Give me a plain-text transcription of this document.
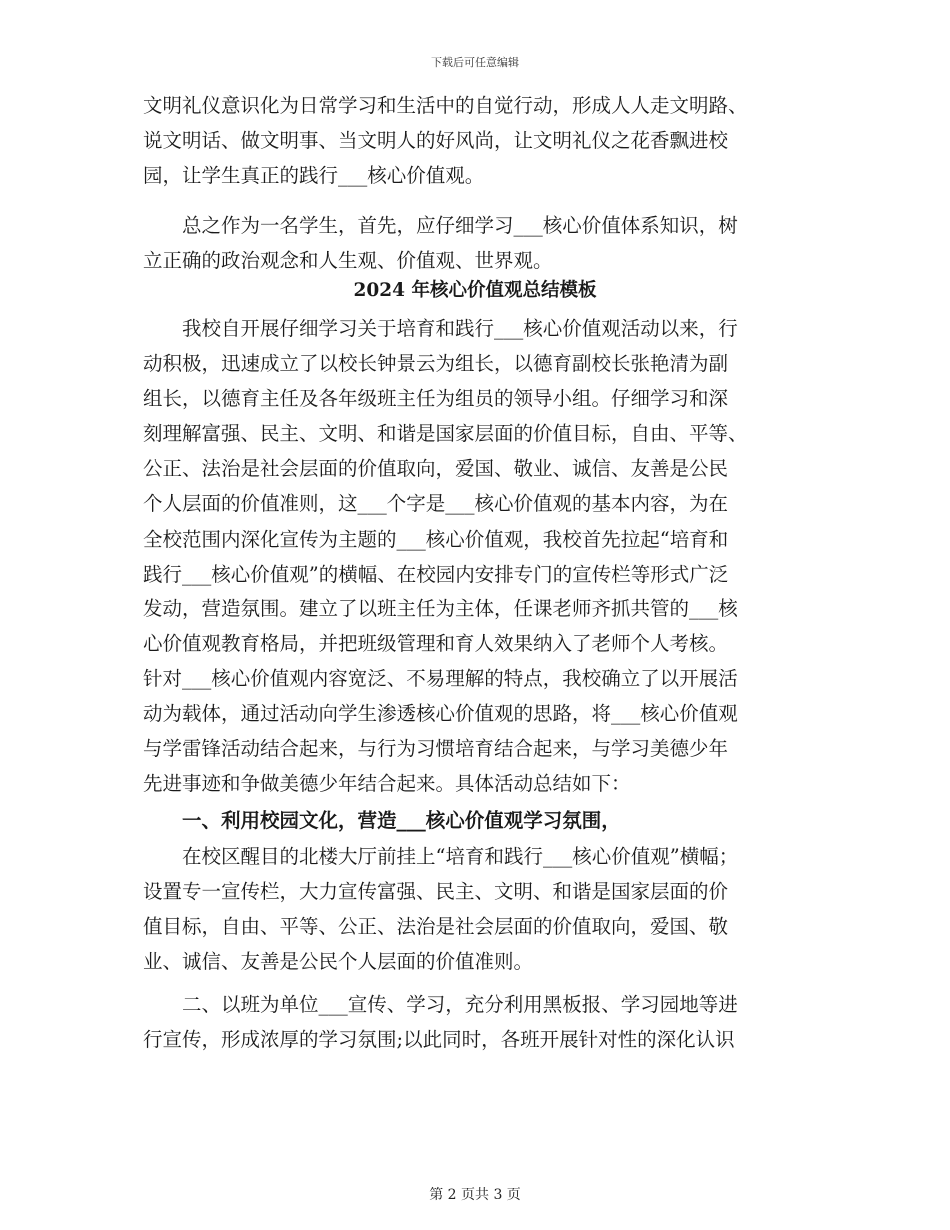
下载后可任意编辑
文明礼仪意识化为日常学习和生活中的自觉行动，形成人人走文明路、
说文明话、做文明事、当文明人的好风尚，让文明礼仪之花香飘进校
园，让学生真正的践行___核心价值观。
　　总之作为一名学生，首先，应仔细学习___核心价值体系知识，树
立正确的政治观念和人生观、价值观、世界观。
2024 年核心价值观总结模板
　　我校自开展仔细学习关于培育和践行___核心价值观活动以来，行
动积极，迅速成立了以校长钟景云为组长，以德育副校长张艳清为副
组长，以德育主任及各年级班主任为组员的领导小组。仔细学习和深
刻理解富强、民主、文明、和谐是国家层面的价值目标，自由、平等、
公正、法治是社会层面的价值取向，爱国、敬业、诚信、友善是公民
个人层面的价值准则，这___个字是___核心价值观的基本内容，为在
全校范围内深化宣传为主题的___核心价值观，我校首先拉起“培育和
践行___核心价值观”的横幅、在校园内安排专门的宣传栏等形式广泛
发动，营造氛围。建立了以班主任为主体，任课老师齐抓共管的___核
心价值观教育格局，并把班级管理和育人效果纳入了老师个人考核。
针对___核心价值观内容宽泛、不易理解的特点，我校确立了以开展活
动为载体，通过活动向学生渗透核心价值观的思路，将___核心价值观
与学雷锋活动结合起来，与行为习惯培育结合起来，与学习美德少年
先进事迹和争做美德少年结合起来。具体活动总结如下：
　　一、利用校园文化，营造___核心价值观学习氛围，
　　在校区醒目的北楼大厅前挂上“培育和践行___核心价值观”横幅；
设置专一宣传栏，大力宣传富强、民主、文明、和谐是国家层面的价
值目标，自由、平等、公正、法治是社会层面的价值取向，爱国、敬
业、诚信、友善是公民个人层面的价值准则。
　　二、以班为单位___宣传、学习，充分利用黑板报、学习园地等进
行宣传，形成浓厚的学习氛围;以此同时，各班开展针对性的深化认识
第 2 页共 3 页
